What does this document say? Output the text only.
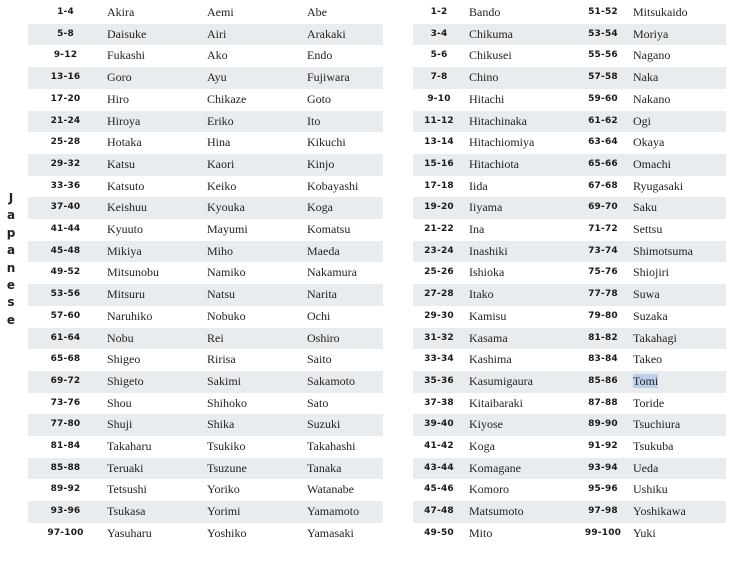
J
a
p
a
n
e
s
e
1-4	Akira	Aemi	Abe		1-2	Bando	51-52	Mitsukaido
5-8	Daisuke	Airi	Arakaki		3-4	Chikuma	53-54	Moriya
9-12	Fukashi	Ako	Endo		5-6	Chikusei	55-56	Nagano
13-16	Goro	Ayu	Fujiwara		7-8	Chino	57-58	Naka
17-20	Hiro	Chikaze	Goto		9-10	Hitachi	59-60	Nakano
21-24	Hiroya	Eriko	Ito		11-12	Hitachinaka	61-62	Ogi
25-28	Hotaka	Hina	Kikuchi		13-14	Hitachiomiya	63-64	Okaya
29-32	Katsu	Kaori	Kinjo		15-16	Hitachiota	65-66	Omachi
33-36	Katsuto	Keiko	Kobayashi		17-18	Iida	67-68	Ryugasaki
37-40	Keishuu	Kyouka	Koga		19-20	Iiyama	69-70	Saku
41-44	Kyuuto	Mayumi	Komatsu		21-22	Ina	71-72	Settsu
45-48	Mikiya	Miho	Maeda		23-24	Inashiki	73-74	Shimotsuma
49-52	Mitsunobu	Namiko	Nakamura		25-26	Ishioka	75-76	Shiojiri
53-56	Mitsuru	Natsu	Narita		27-28	Itako	77-78	Suwa
57-60	Naruhiko	Nobuko	Ochi		29-30	Kamisu	79-80	Suzaka
61-64	Nobu	Rei	Oshiro		31-32	Kasama	81-82	Takahagi
65-68	Shigeo	Ririsa	Saito		33-34	Kashima	83-84	Takeo
69-72	Shigeto	Sakimi	Sakamoto		35-36	Kasumigaura	85-86	Tomi
73-76	Shou	Shihoko	Sato		37-38	Kitaibaraki	87-88	Toride
77-80	Shuji	Shika	Suzuki		39-40	Kiyose	89-90	Tsuchiura
81-84	Takaharu	Tsukiko	Takahashi		41-42	Koga	91-92	Tsukuba
85-88	Teruaki	Tsuzune	Tanaka		43-44	Komagane	93-94	Ueda
89-92	Tetsushi	Yoriko	Watanabe		45-46	Komoro	95-96	Ushiku
93-96	Tsukasa	Yorimi	Yamamoto		47-48	Matsumoto	97-98	Yoshikawa
97-100	Yasuharu	Yoshiko	Yamasaki		49-50	Mito	99-100	Yuki
